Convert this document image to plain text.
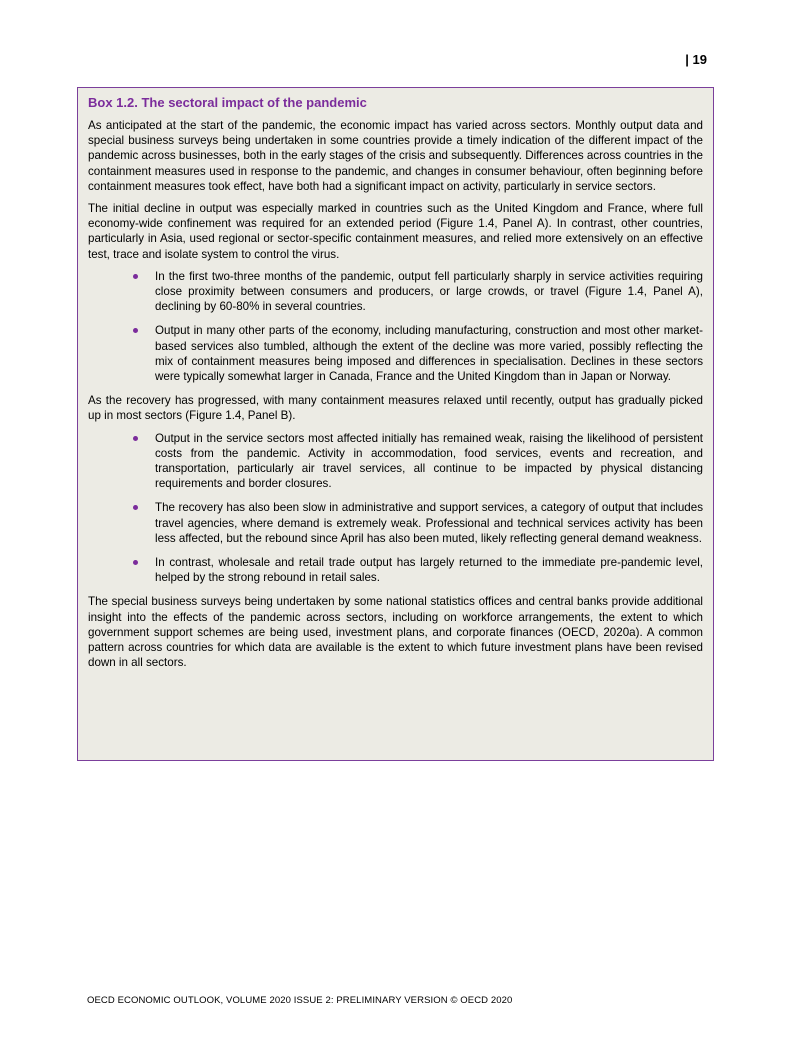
| 19
Box 1.2. The sectoral impact of the pandemic

As anticipated at the start of the pandemic, the economic impact has varied across sectors. Monthly output data and special business surveys being undertaken in some countries provide a timely indication of the different impact of the pandemic across businesses, both in the early stages of the crisis and subsequently. Differences across countries in the containment measures used in response to the pandemic, and changes in consumer behaviour, often beginning before containment measures took effect, have both had a significant impact on activity, particularly in service sectors.

The initial decline in output was especially marked in countries such as the United Kingdom and France, where full economy-wide confinement was required for an extended period (Figure 1.4, Panel A). In contrast, other countries, particularly in Asia, used regional or sector-specific containment measures, and relied more extensively on an effective test, trace and isolate system to control the virus.

In the first two-three months of the pandemic, output fell particularly sharply in service activities requiring close proximity between consumers and producers, or large crowds, or travel (Figure 1.4, Panel A), declining by 60-80% in several countries.
Output in many other parts of the economy, including manufacturing, construction and most other market-based services also tumbled, although the extent of the decline was more varied, possibly reflecting the mix of containment measures being imposed and differences in specialisation. Declines in these sectors were typically somewhat larger in Canada, France and the United Kingdom than in Japan or Norway.

As the recovery has progressed, with many containment measures relaxed until recently, output has gradually picked up in most sectors (Figure 1.4, Panel B).

Output in the service sectors most affected initially has remained weak, raising the likelihood of persistent costs from the pandemic. Activity in accommodation, food services, events and recreation, and transportation, particularly air travel services, all continue to be impacted by physical distancing requirements and border closures.
The recovery has also been slow in administrative and support services, a category of output that includes travel agencies, where demand is extremely weak. Professional and technical services activity has been less affected, but the rebound since April has also been muted, likely reflecting general demand weakness.
In contrast, wholesale and retail trade output has largely returned to the immediate pre-pandemic level, helped by the strong rebound in retail sales.

The special business surveys being undertaken by some national statistics offices and central banks provide additional insight into the effects of the pandemic across sectors, including on workforce arrangements, the extent to which government support schemes are being used, investment plans, and corporate finances (OECD, 2020a). A common pattern across countries for which data are available is the extent to which future investment plans have been revised down in all sectors.

OECD ECONOMIC OUTLOOK, VOLUME 2020 ISSUE 2: PRELIMINARY VERSION © OECD 2020
